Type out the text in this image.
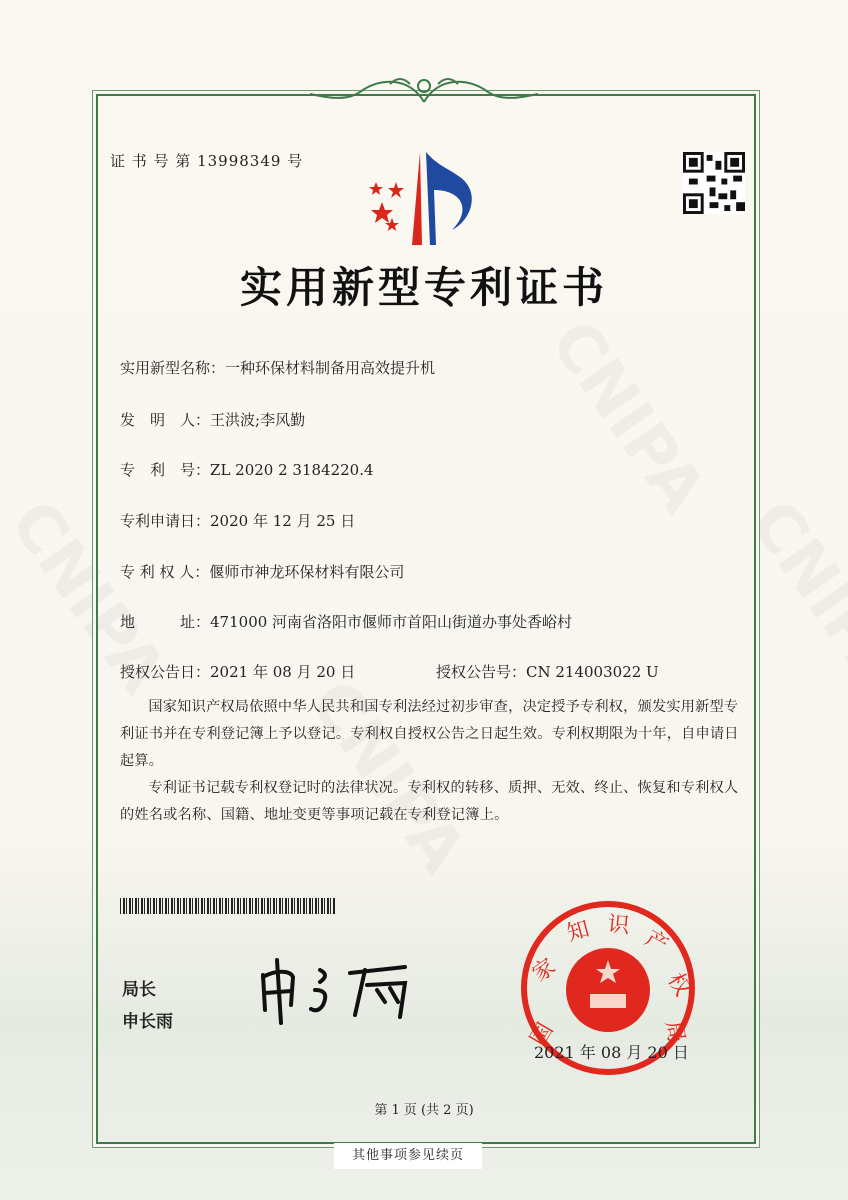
证 书 号 第 13998349 号
实用新型专利证书
实用新型名称：一种环保材料制备用高效提升机
发　明　人：王洪波;李风勤
专　利　号：ZL 2020 2 3184220.4
专利申请日：2020 年 12 月 25 日
专 利 权 人：偃师市神龙环保材料有限公司
地　　　址：471000 河南省洛阳市偃师市首阳山街道办事处香峪村
授权公告日：2021 年 08 月 20 日	授权公告号：CN 214003022 U

国家知识产权局依照中华人民共和国专利法经过初步审查，决定授予专利权，颁发实用新型专利证书并在专利登记簿上予以登记。专利权自授权公告之日起生效。专利权期限为十年，自申请日起算。

专利证书记载专利权登记时的法律状况。专利权的转移、质押、无效、终止、恢复和专利权人的姓名或名称、国籍、地址变更等事项记载在专利登记簿上。

局长
申长雨	国
家
知 识
产
权
局
2021 年 08 月 20 日
第 1 页 (共 2 页)
其他事项参见续页
